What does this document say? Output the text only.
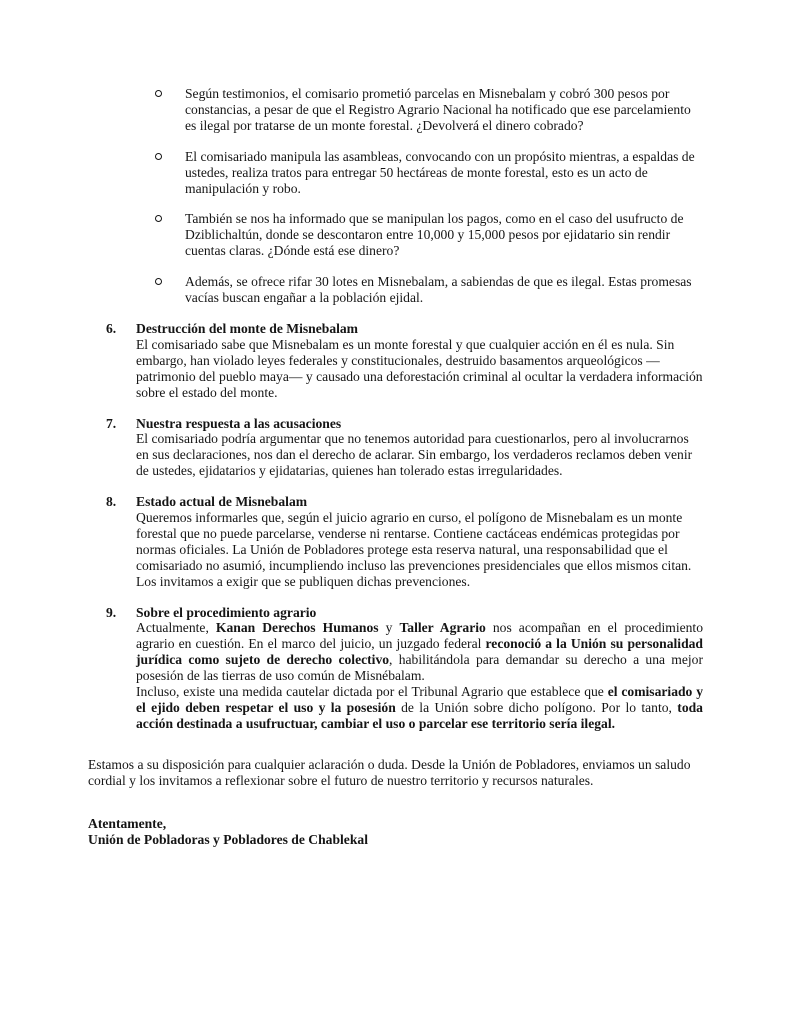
Según testimonios, el comisario prometió parcelas en Misnebalam y cobró 300 pesos por constancias, a pesar de que el Registro Agrario Nacional ha notificado que ese parcelamiento es ilegal por tratarse de un monte forestal. ¿Devolverá el dinero cobrado?
El comisariado manipula las asambleas, convocando con un propósito mientras, a espaldas de ustedes, realiza tratos para entregar 50 hectáreas de monte forestal, esto es un acto de manipulación y robo.
También se nos ha informado que se manipulan los pagos, como en el caso del usufructo de Dziblichaltún, donde se descontaron entre 10,000 y 15,000 pesos por ejidatario sin rendir cuentas claras. ¿Dónde está ese dinero?
Además, se ofrece rifar 30 lotes en Misnebalam, a sabiendas de que es ilegal. Estas promesas vacías buscan engañar a la población ejidal.
6.	Destrucción del monte de Misnebalam
El comisariado sabe que Misnebalam es un monte forestal y que cualquier acción en él es nula. Sin embargo, han violado leyes federales y constitucionales, destruido basamentos arqueológicos —patrimonio del pueblo maya— y causado una deforestación criminal al ocultar la verdadera información sobre el estado del monte.
7.	Nuestra respuesta a las acusaciones
El comisariado podría argumentar que no tenemos autoridad para cuestionarlos, pero al involucrarnos en sus declaraciones, nos dan el derecho de aclarar. Sin embargo, los verdaderos reclamos deben venir de ustedes, ejidatarios y ejidatarias, quienes han tolerado estas irregularidades.
8.	Estado actual de Misnebalam
Queremos informarles que, según el juicio agrario en curso, el polígono de Misnebalam es un monte forestal que no puede parcelarse, venderse ni rentarse. Contiene cactáceas endémicas protegidas por normas oficiales. La Unión de Pobladores protege esta reserva natural, una responsabilidad que el comisariado no asumió, incumpliendo incluso las prevenciones presidenciales que ellos mismos citan. Los invitamos a exigir que se publiquen dichas prevenciones.
9.	Sobre el procedimiento agrario
Actualmente, Kanan Derechos Humanos y Taller Agrario nos acompañan en el procedimiento agrario en cuestión. En el marco del juicio, un juzgado federal reconoció a la Unión su personalidad jurídica como sujeto de derecho colectivo, habilitándola para demandar su derecho a una mejor posesión de las tierras de uso común de Misnébalam.
Incluso, existe una medida cautelar dictada por el Tribunal Agrario que establece que el comisariado y el ejido deben respetar el uso y la posesión de la Unión sobre dicho polígono. Por lo tanto, toda acción destinada a usufructuar, cambiar el uso o parcelar ese territorio sería ilegal.
Estamos a su disposición para cualquier aclaración o duda. Desde la Unión de Pobladores, enviamos un saludo cordial y los invitamos a reflexionar sobre el futuro de nuestro territorio y recursos naturales.
Atentamente,
Unión de Pobladoras y Pobladores de Chablekal
